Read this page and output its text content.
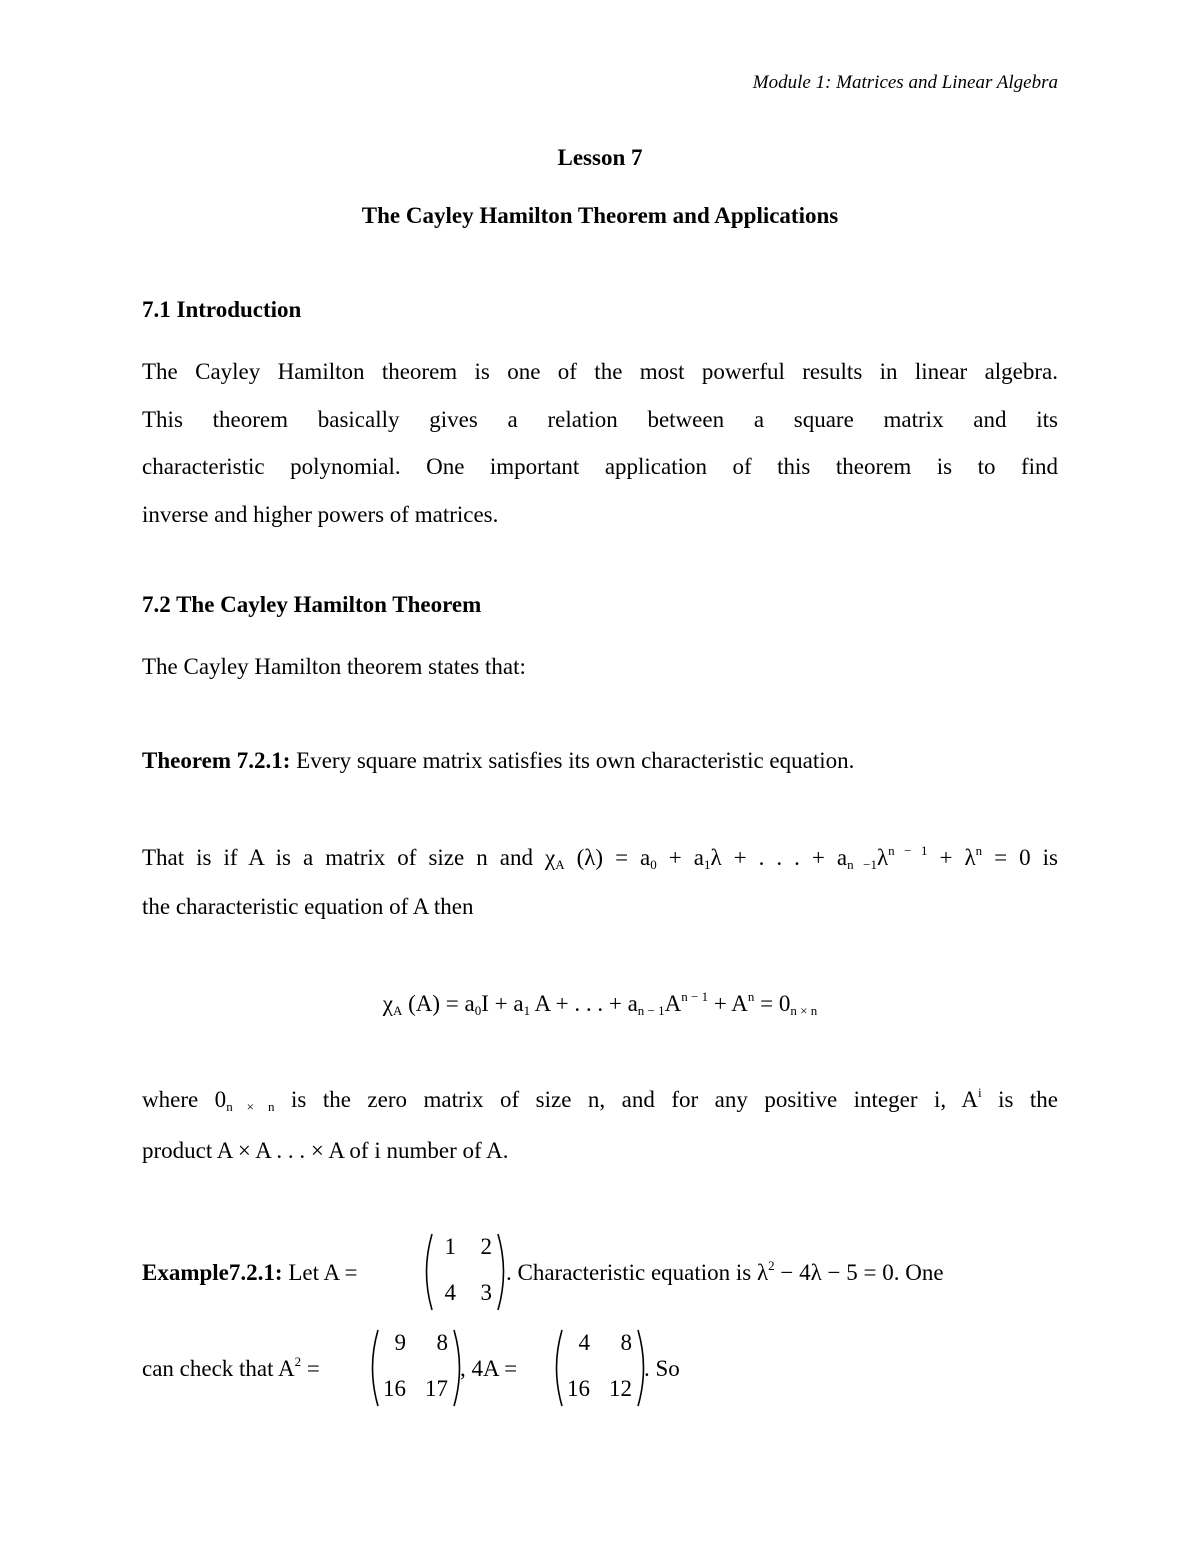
Module 1: Matrices and Linear Algebra

Lesson 7

The Cayley Hamilton Theorem and Applications

7.1 Introduction

The Cayley Hamilton theorem is one of the most powerful results in linear algebra.
This theorem basically gives a relation between a square matrix and its
characteristic polynomial. One important application of this theorem is to find
inverse and higher powers of matrices.

7.2 The Cayley Hamilton Theorem

The Cayley Hamilton theorem states that:

Theorem 7.2.1: Every square matrix satisfies its own characteristic equation.

That is if A is a matrix of size n and $\chi_A$ $(\lambda) = a_0 + a_1\lambda$ + . . . + $a_{n -1}\lambda^{n - 1} + \lambda^n = 0$ is

the characteristic equation of A then

$\chi_A$ $(A) = a_0I + a_1$ A + . . . + $a_{n - 1}A^{n - 1} + A^n = 0_{n \times n}$

where $0_{n \times n}$ is the zero matrix of size n, and for any positive integer i, $A^i$ is the

product A × A . . . × A of i number of A.

Example7.2.1: Let A =
1	2
4	3
. Characteristic equation is $\lambda^2 - 4\lambda - 5 = 0$. One
can check that $A^2$ =
9	8
16 17
, 4A =
4	8
16 12
. So
